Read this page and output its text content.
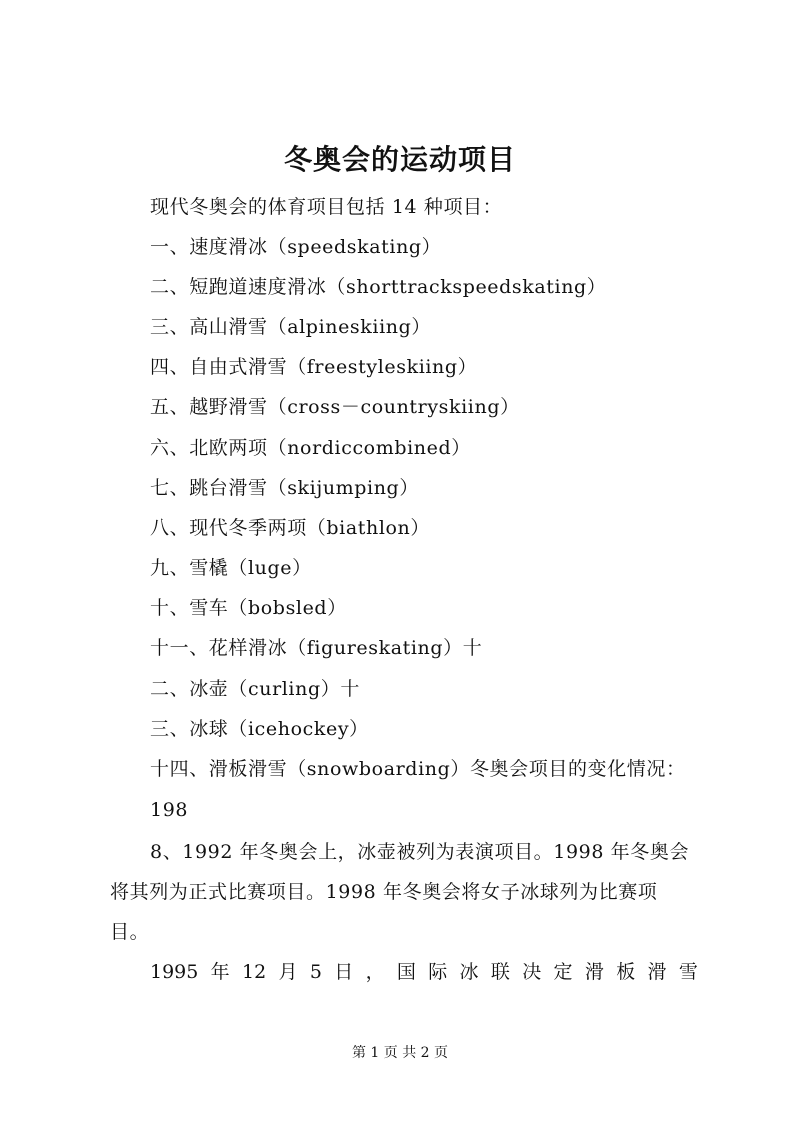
冬奥会的运动项目
现代冬奥会的体育项目包括 14 种项目：
一、速度滑冰（speedskating）
二、短跑道速度滑冰（shorttrackspeedskating）
三、高山滑雪（alpineskiing）
四、自由式滑雪（freestyleskiing）
五、越野滑雪（cross－countryskiing）
六、北欧两项（nordiccombined）
七、跳台滑雪（skijumping）
八、现代冬季两项（biathlon）
九、雪橇（luge）
十、雪车（bobsled）
十一、花样滑冰（figureskating）十
二、冰壶（curling）十
三、冰球（icehockey）
十四、滑板滑雪（snowboarding）冬奥会项目的变化情况：
198
8、1992 年冬奥会上，冰壶被列为表演项目。1998 年冬奥会
将其列为正式比赛项目。1998 年冬奥会将女子冰球列为比赛项
目。
1995 年 12 月 5 日 ， 国 际 冰 联 决 定 滑 板 滑 雪
第 1 页 共 2 页
